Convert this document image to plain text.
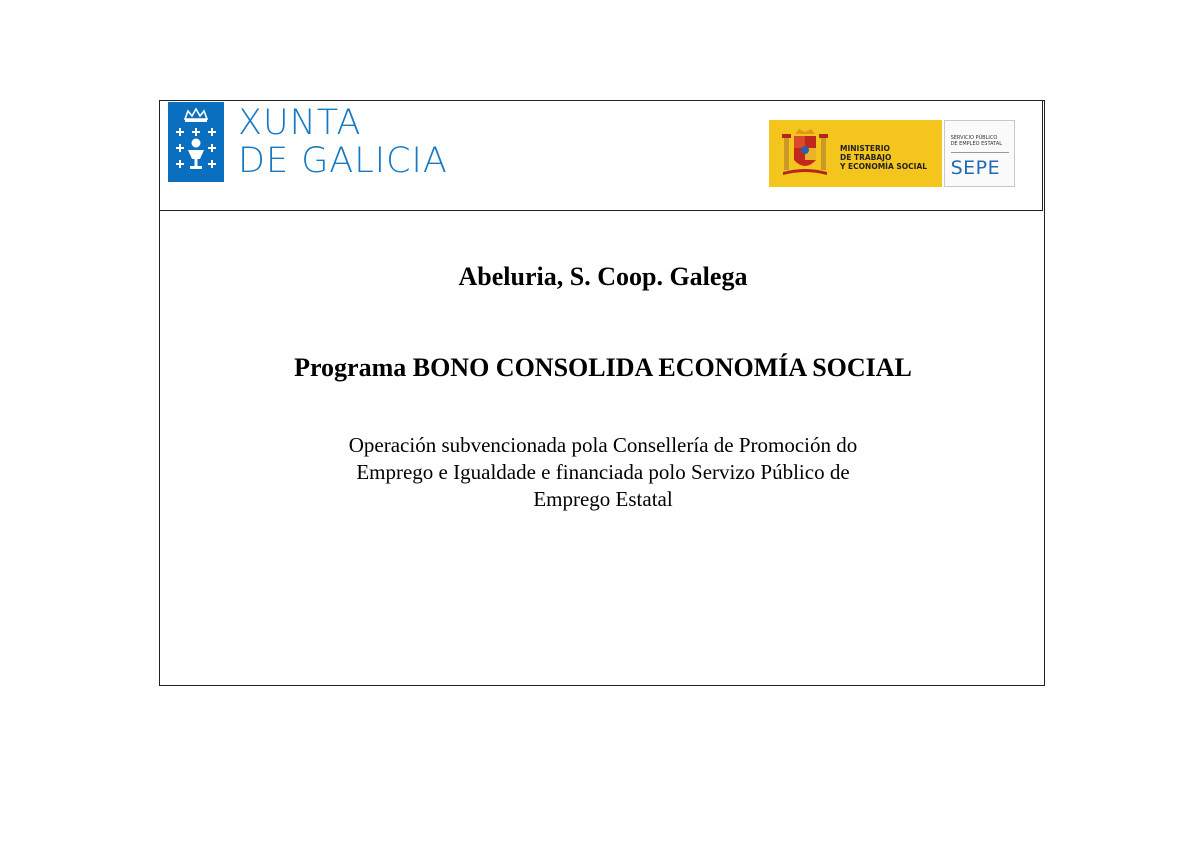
XUNTA
DE GALICIA	MINISTERIO
DE TRABAJO
Y ECONOMÍA SOCIAL
SERVICIO PÚBLICO
DE EMPLEO ESTATAL
SEPE
Abeluria, S. Coop. Galega
Programa BONO CONSOLIDA ECONOMÍA SOCIAL
Operación subvencionada pola Consellería de Promoción do
Emprego e Igualdade e financiada polo Servizo Público de
Emprego Estatal
